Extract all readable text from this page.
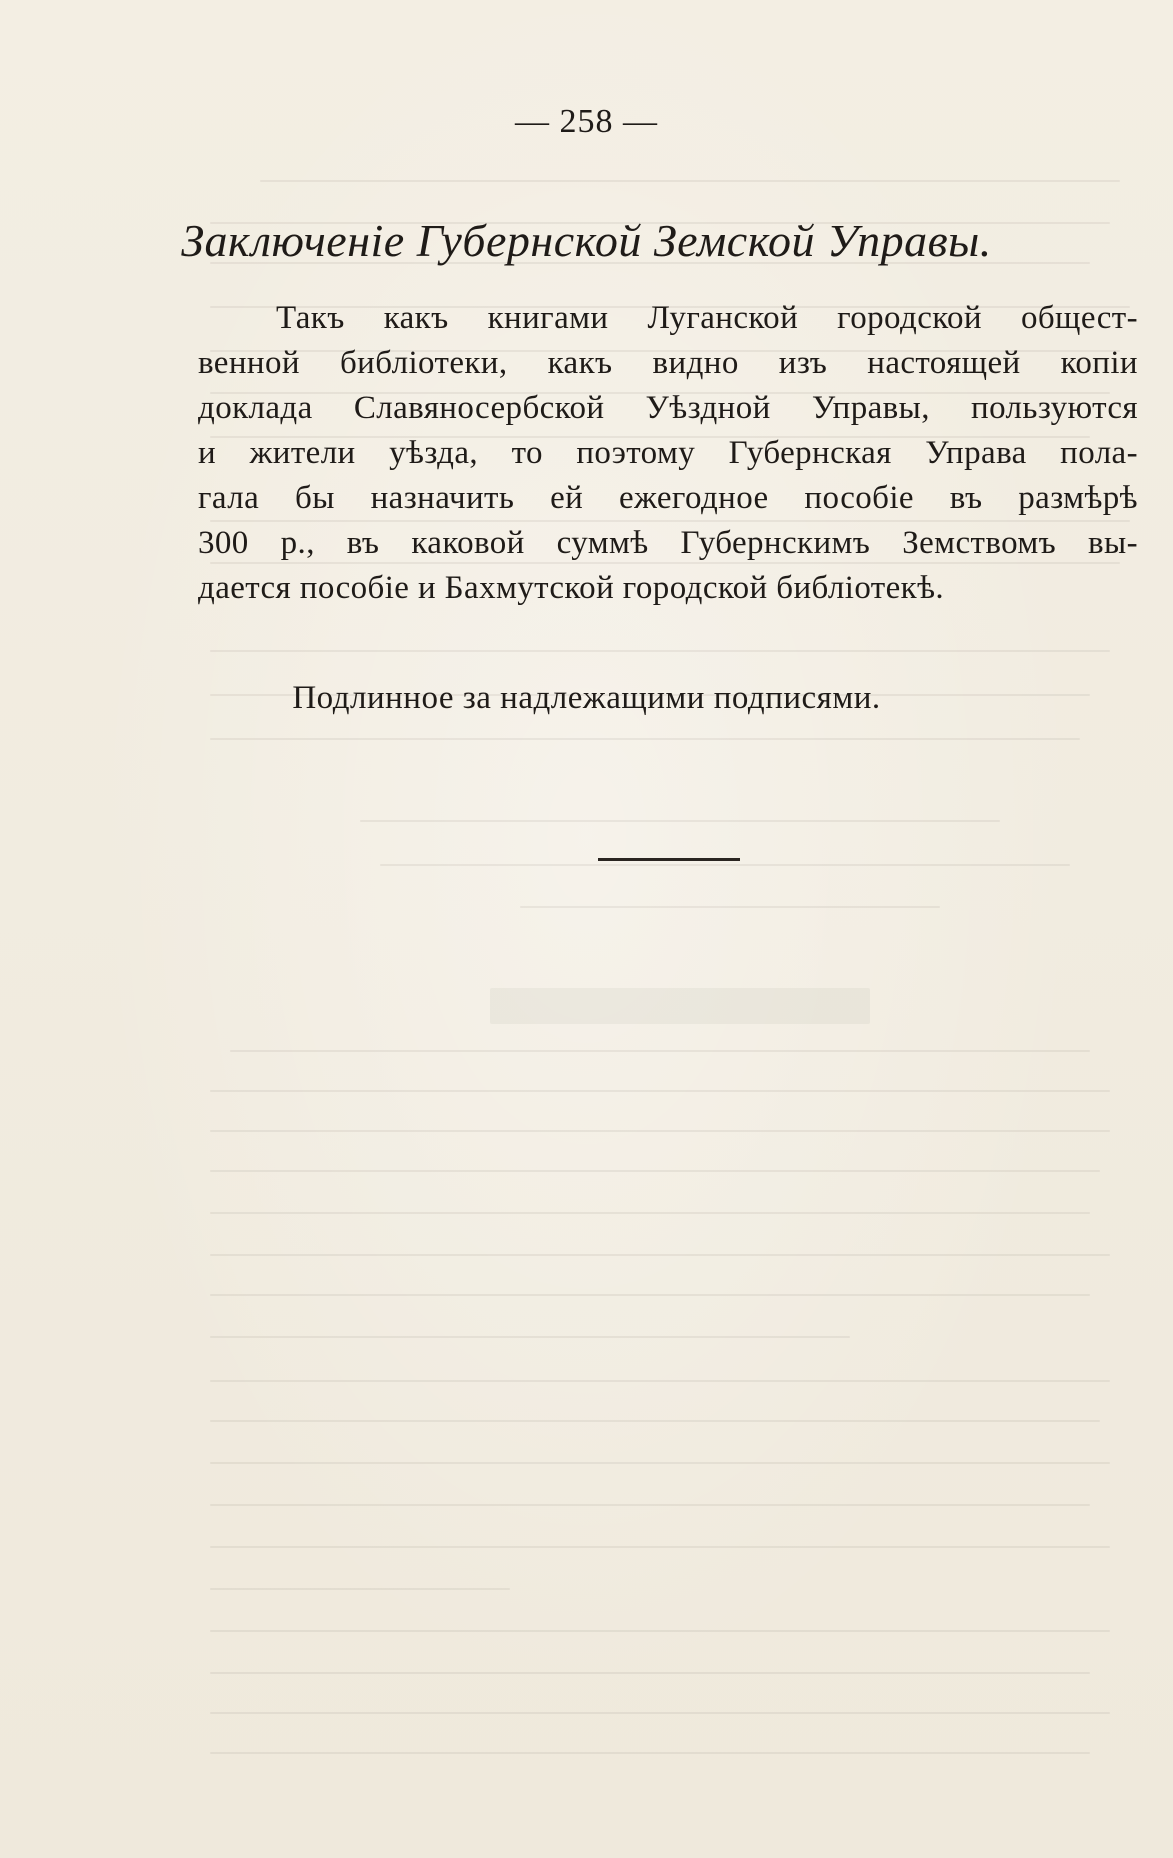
— 258 —
Заключеніе Губернской Земской Управы.
Такъ какъ книгами Луганской городской общест-
венной библіотеки, какъ видно изъ настоящей копіи
доклада Славяносербской Уѣздной Управы, пользуются
и жители уѣзда, то поэтому Губернская Управа пола-
гала бы назначить ей ежегодное пособіе въ размѣрѣ
300 р., въ каковой суммѣ Губернскимъ Земствомъ вы-
дается пособіе и Бахмутской городской библіотекѣ.
Подлинное за надлежащими подписями.
